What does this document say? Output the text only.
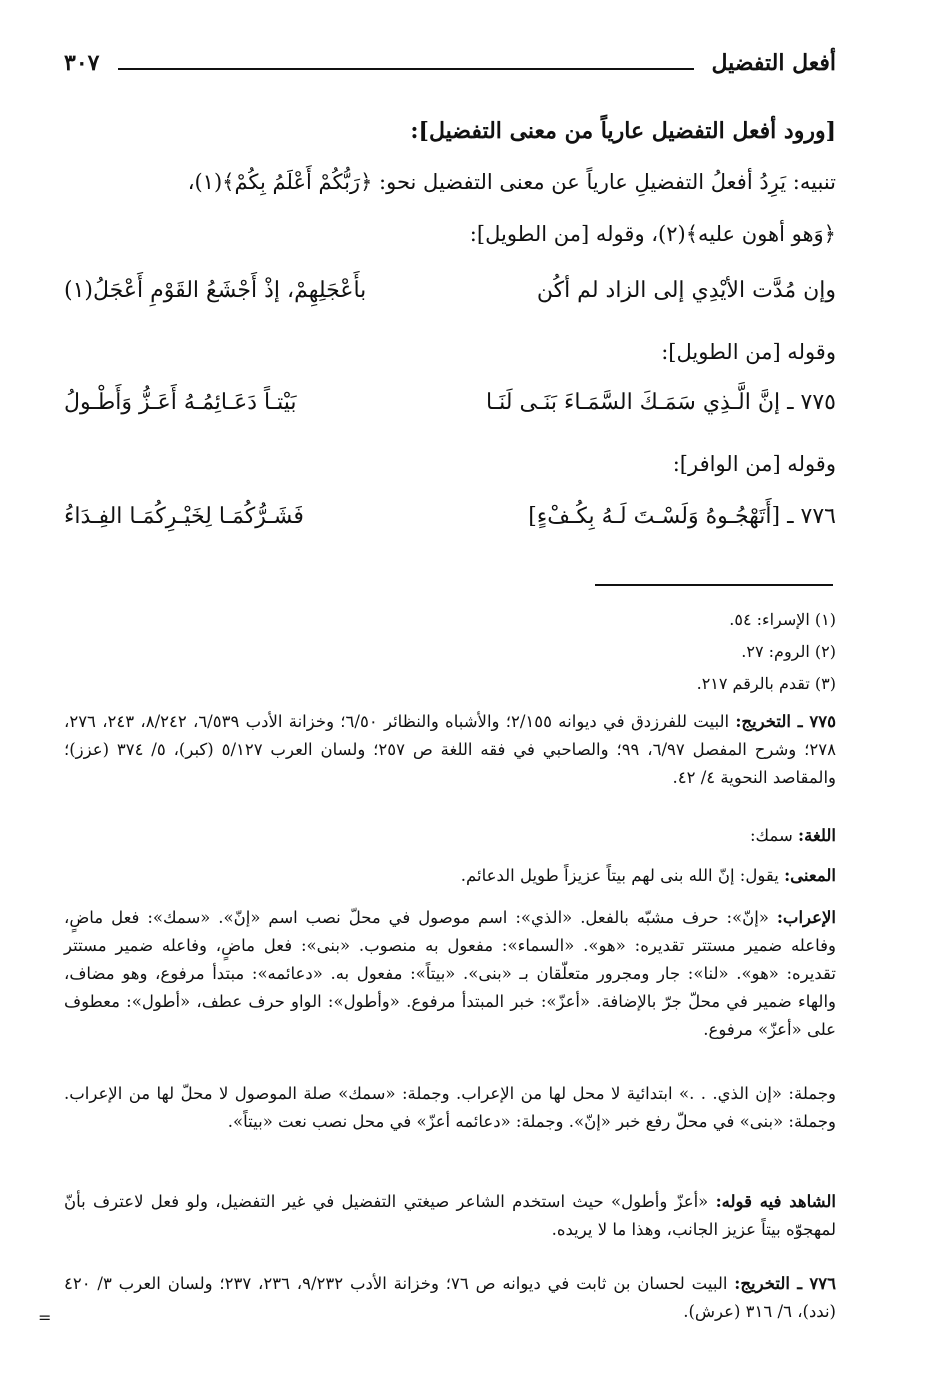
أفعل التفضيل
٣٠٧
[ورود أفعل التفضيل عارياً من معنى التفضيل]:
تنبيه: يَرِدُ أفعلُ التفضيلِ عارياً عن معنى التفضيل نحو: ﴿رَبُّكُمْ أَعْلَمُ بِكُمْ﴾(١)،
﴿وَهو أهون عليه﴾(٢)، وقوله [من الطويل]:
وإن مُدَّت الأيْدِي إلى الزاد لم أكُن
بأَعْجَلِهِمْ، إذْ أَجْشَعُ القَوْمِ أَعْجَلُ(١)
وقوله [من الطويل]:
٧٧٥ ـ إنَّ الَّـذِي سَمَـكَ السَّمَـاءَ بَنَـى لَنَـا
بَيْتـاً دَعَـائِمُـهُ أَعَـزُّ وَأَطْـولُ
وقوله [من الوافر]:
٧٧٦ ـ [أَتَهْجُـوهُ وَلَسْـتَ لَـهُ بِكُـفْءٍ]
فَشَـرُّكُمَـا لِخَيْـرِكُمَـا الفِـدَاءُ
(١) الإسراء: ٥٤.
(٢) الروم: ٢٧.
(٣) تقدم بالرقم ٢١٧.
٧٧٥ ـ التخريج: البيت للفرزدق في ديوانه ٢/١٥٥؛ والأشباه والنظائر ٦/٥٠؛ وخزانة الأدب ٦/٥٣٩، ٨/٢٤٢، ٢٤٣، ٢٧٦، ٢٧٨؛ وشرح المفصل ٦/٩٧، ٩٩؛ والصاحبي في فقه اللغة ص ٢٥٧؛ ولسان العرب ٥/١٢٧ (كبر)، ٥/ ٣٧٤ (عزز)؛ والمقاصد النحوية ٤/ ٤٢.
اللغة: سمك:
المعنى: يقول: إنّ الله بنى لهم بيتاً عزيزاً طويل الدعائم.
الإعراب: «إنّ»: حرف مشبّه بالفعل. «الذي»: اسم موصول في محلّ نصب اسم «إنّ». «سمك»: فعل ماضٍ، وفاعله ضمير مستتر تقديره: «هو». «السماء»: مفعول به منصوب. «بنى»: فعل ماضٍ، وفاعله ضمير مستتر تقديره: «هو». «لنا»: جار ومجرور متعلّقان بـ «بنى». «بيتاً»: مفعول به. «دعائمه»: مبتدأ مرفوع، وهو مضاف، والهاء ضمير في محلّ جرّ بالإضافة. «أعزّ»: خبر المبتدأ مرفوع. «وأطول»: الواو حرف عطف، «أطول»: معطوف على «أعزّ» مرفوع.
وجملة: «إن الذي. . .» ابتدائية لا محل لها من الإعراب. وجملة: «سمك» صلة الموصول لا محلّ لها من الإعراب. وجملة: «بنى» في محلّ رفع خبر «إنّ». وجملة: «دعائمه أعزّ» في محل نصب نعت «بيتاً».
الشاهد فيه قوله: «أعزّ وأطول» حيث استخدم الشاعر صيغتي التفضيل في غير التفضيل، ولو فعل لاعترف بأنّ لمهجوّه بيتاً عزيز الجانب، وهذا ما لا يريده.
٧٧٦ ـ التخريج: البيت لحسان بن ثابت في ديوانه ص ٧٦؛ وخزانة الأدب ٩/٢٣٢، ٢٣٦، ٢٣٧؛ ولسان العرب ٣/ ٤٢٠ (ندد)، ٦/ ٣١٦ (عرش).
=
